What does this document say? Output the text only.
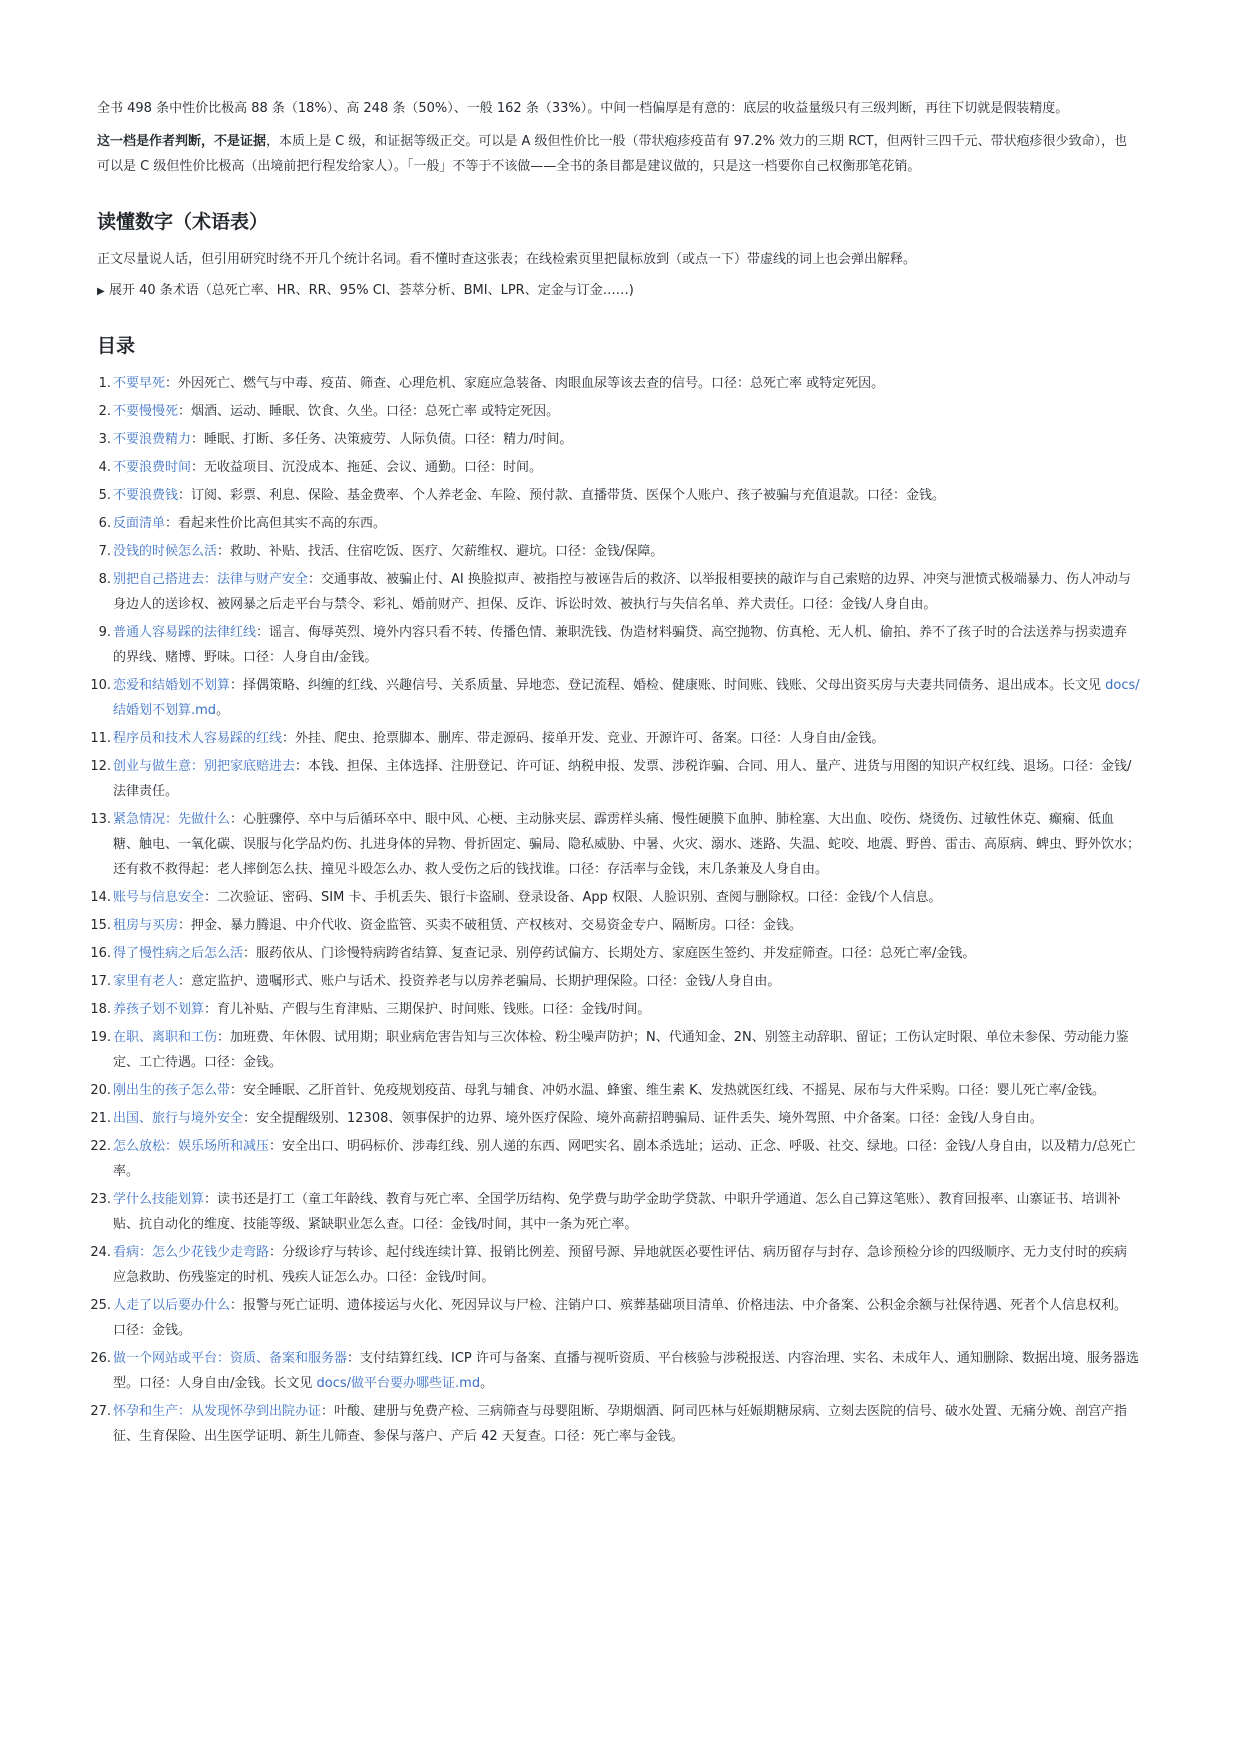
全书 498 条中性价比极高 88 条（18%）、高 248 条（50%）、一般 162 条（33%）。中间一档偏厚是有意的：底层的收益量级只有三级判断，再往下切就是假装精度。

这一档是作者判断，不是证据，本质上是 C 级，和证据等级正交。可以是 A 级但性价比一般（带状疱疹疫苗有 97.2% 效力的三期 RCT，但两针三四千元、带状疱疹很少致命），也可以是 C 级但性价比极高（出境前把行程发给家人）。「一般」不等于不该做——全书的条目都是建议做的，只是这一档要你自己权衡那笔花销。

读懂数字（术语表）

正文尽量说人话，但引用研究时绕不开几个统计名词。看不懂时查这张表；在线检索页里把鼠标放到（或点一下）带虚线的词上也会弹出解释。

▶ 展开 40 条术语（总死亡率、HR、RR、95% CI、荟萃分析、BMI、LPR、定金与订金……)
目录
1. 不要早死：外因死亡、燃气与中毒、疫苗、筛查、心理危机、家庭应急装备、肉眼血尿等该去查的信号。口径：总死亡率 或特定死因。
2. 不要慢慢死：烟酒、运动、睡眠、饮食、久坐。口径：总死亡率 或特定死因。
3. 不要浪费精力：睡眠、打断、多任务、决策疲劳、人际负债。口径：精力/时间。
4. 不要浪费时间：无收益项目、沉没成本、拖延、会议、通勤。口径：时间。
5. 不要浪费钱：订阅、彩票、利息、保险、基金费率、个人养老金、车险、预付款、直播带货、医保个人账户、孩子被骗与充值退款。口径：金钱。
6. 反面清单：看起来性价比高但其实不高的东西。
7. 没钱的时候怎么活：救助、补贴、找活、住宿吃饭、医疗、欠薪维权、避坑。口径：金钱/保障。
8. 别把自己搭进去：法律与财产安全：交通事故、被骗止付、AI 换脸拟声、被指控与被诬告后的救济、以举报相要挟的敲诈与自己索赔的边界、冲突与泄愤式极端暴力、伤人冲动与身边人的送诊权、被网暴之后走平台与禁令、彩礼、婚前财产、担保、反诈、诉讼时效、被执行与失信名单、养犬责任。口径：金钱/人身自由。
9. 普通人容易踩的法律红线：谣言、侮辱英烈、境外内容只看不转、传播色情、兼职洗钱、伪造材料骗贷、高空抛物、仿真枪、无人机、偷拍、养不了孩子时的合法送养与拐卖遗弃的界线、赌博、野味。口径：人身自由/金钱。
10. 恋爱和结婚划不划算：择偶策略、纠缠的红线、兴趣信号、关系质量、异地恋、登记流程、婚检、健康账、时间账、钱账、父母出资买房与夫妻共同债务、退出成本。长文见 docs/结婚划不划算.md。
11. 程序员和技术人容易踩的红线：外挂、爬虫、抢票脚本、删库、带走源码、接单开发、竞业、开源许可、备案。口径：人身自由/金钱。
12. 创业与做生意：别把家底赔进去：本钱、担保、主体选择、注册登记、许可证、纳税申报、发票、涉税诈骗、合同、用人、量产、进货与用图的知识产权红线、退场。口径：金钱/法律责任。
13. 紧急情况：先做什么：心脏骤停、卒中与后循环卒中、眼中风、心梗、主动脉夹层、霹雳样头痛、慢性硬膜下血肿、肺栓塞、大出血、咬伤、烧烫伤、过敏性休克、癫痫、低血糖、触电、一氧化碳、误服与化学品灼伤、扎进身体的异物、骨折固定、骗局、隐私威胁、中暑、火灾、溺水、迷路、失温、蛇咬、地震、野兽、雷击、高原病、蜱虫、野外饮水；还有救不救得起：老人摔倒怎么扶、撞见斗殴怎么办、救人受伤之后的钱找谁。口径：存活率与金钱，末几条兼及人身自由。
14. 账号与信息安全：二次验证、密码、SIM 卡、手机丢失、银行卡盗刷、登录设备、App 权限、人脸识别、查阅与删除权。口径：金钱/个人信息。
15. 租房与买房：押金、暴力腾退、中介代收、资金监管、买卖不破租赁、产权核对、交易资金专户、隔断房。口径：金钱。
16. 得了慢性病之后怎么活：服药依从、门诊慢特病跨省结算、复查记录、别停药试偏方、长期处方、家庭医生签约、并发症筛查。口径：总死亡率/金钱。
17. 家里有老人：意定监护、遗嘱形式、账户与话术、投资养老与以房养老骗局、长期护理保险。口径：金钱/人身自由。
18. 养孩子划不划算：育儿补贴、产假与生育津贴、三期保护、时间账、钱账。口径：金钱/时间。
19. 在职、离职和工伤：加班费、年休假、试用期；职业病危害告知与三次体检、粉尘噪声防护；N、代通知金、2N、别签主动辞职、留证；工伤认定时限、单位未参保、劳动能力鉴定、工亡待遇。口径：金钱。
20. 刚出生的孩子怎么带：安全睡眠、乙肝首针、免疫规划疫苗、母乳与辅食、冲奶水温、蜂蜜、维生素 K、发热就医红线、不摇晃、尿布与大件采购。口径：婴儿死亡率/金钱。
21. 出国、旅行与境外安全：安全提醒级别、12308、领事保护的边界、境外医疗保险、境外高薪招聘骗局、证件丢失、境外驾照、中介备案。口径：金钱/人身自由。
22. 怎么放松：娱乐场所和减压：安全出口、明码标价、涉毒红线、别人递的东西、网吧实名、剧本杀选址；运动、正念、呼吸、社交、绿地。口径：金钱/人身自由，以及精力/总死亡率。
23. 学什么技能划算：读书还是打工（童工年龄线、教育与死亡率、全国学历结构、免学费与助学金助学贷款、中职升学通道、怎么自己算这笔账）、教育回报率、山寨证书、培训补贴、抗自动化的维度、技能等级、紧缺职业怎么查。口径：金钱/时间，其中一条为死亡率。
24. 看病：怎么少花钱少走弯路：分级诊疗与转诊、起付线连续计算、报销比例差、预留号源、异地就医必要性评估、病历留存与封存、急诊预检分诊的四级顺序、无力支付时的疾病应急救助、伤残鉴定的时机、残疾人证怎么办。口径：金钱/时间。
25. 人走了以后要办什么：报警与死亡证明、遗体接运与火化、死因异议与尸检、注销户口、殡葬基础项目清单、价格违法、中介备案、公积金余额与社保待遇、死者个人信息权利。口径：金钱。
26. 做一个网站或平台：资质、备案和服务器：支付结算红线、ICP 许可与备案、直播与视听资质、平台核验与涉税报送、内容治理、实名、未成年人、通知删除、数据出境、服务器选型。口径：人身自由/金钱。长文见 docs/做平台要办哪些证.md。
27. 怀孕和生产：从发现怀孕到出院办证：叶酸、建册与免费产检、三病筛查与母婴阻断、孕期烟酒、阿司匹林与妊娠期糖尿病、立刻去医院的信号、破水处置、无痛分娩、剖宫产指征、生育保险、出生医学证明、新生儿筛查、参保与落户、产后 42 天复查。口径：死亡率与金钱。
